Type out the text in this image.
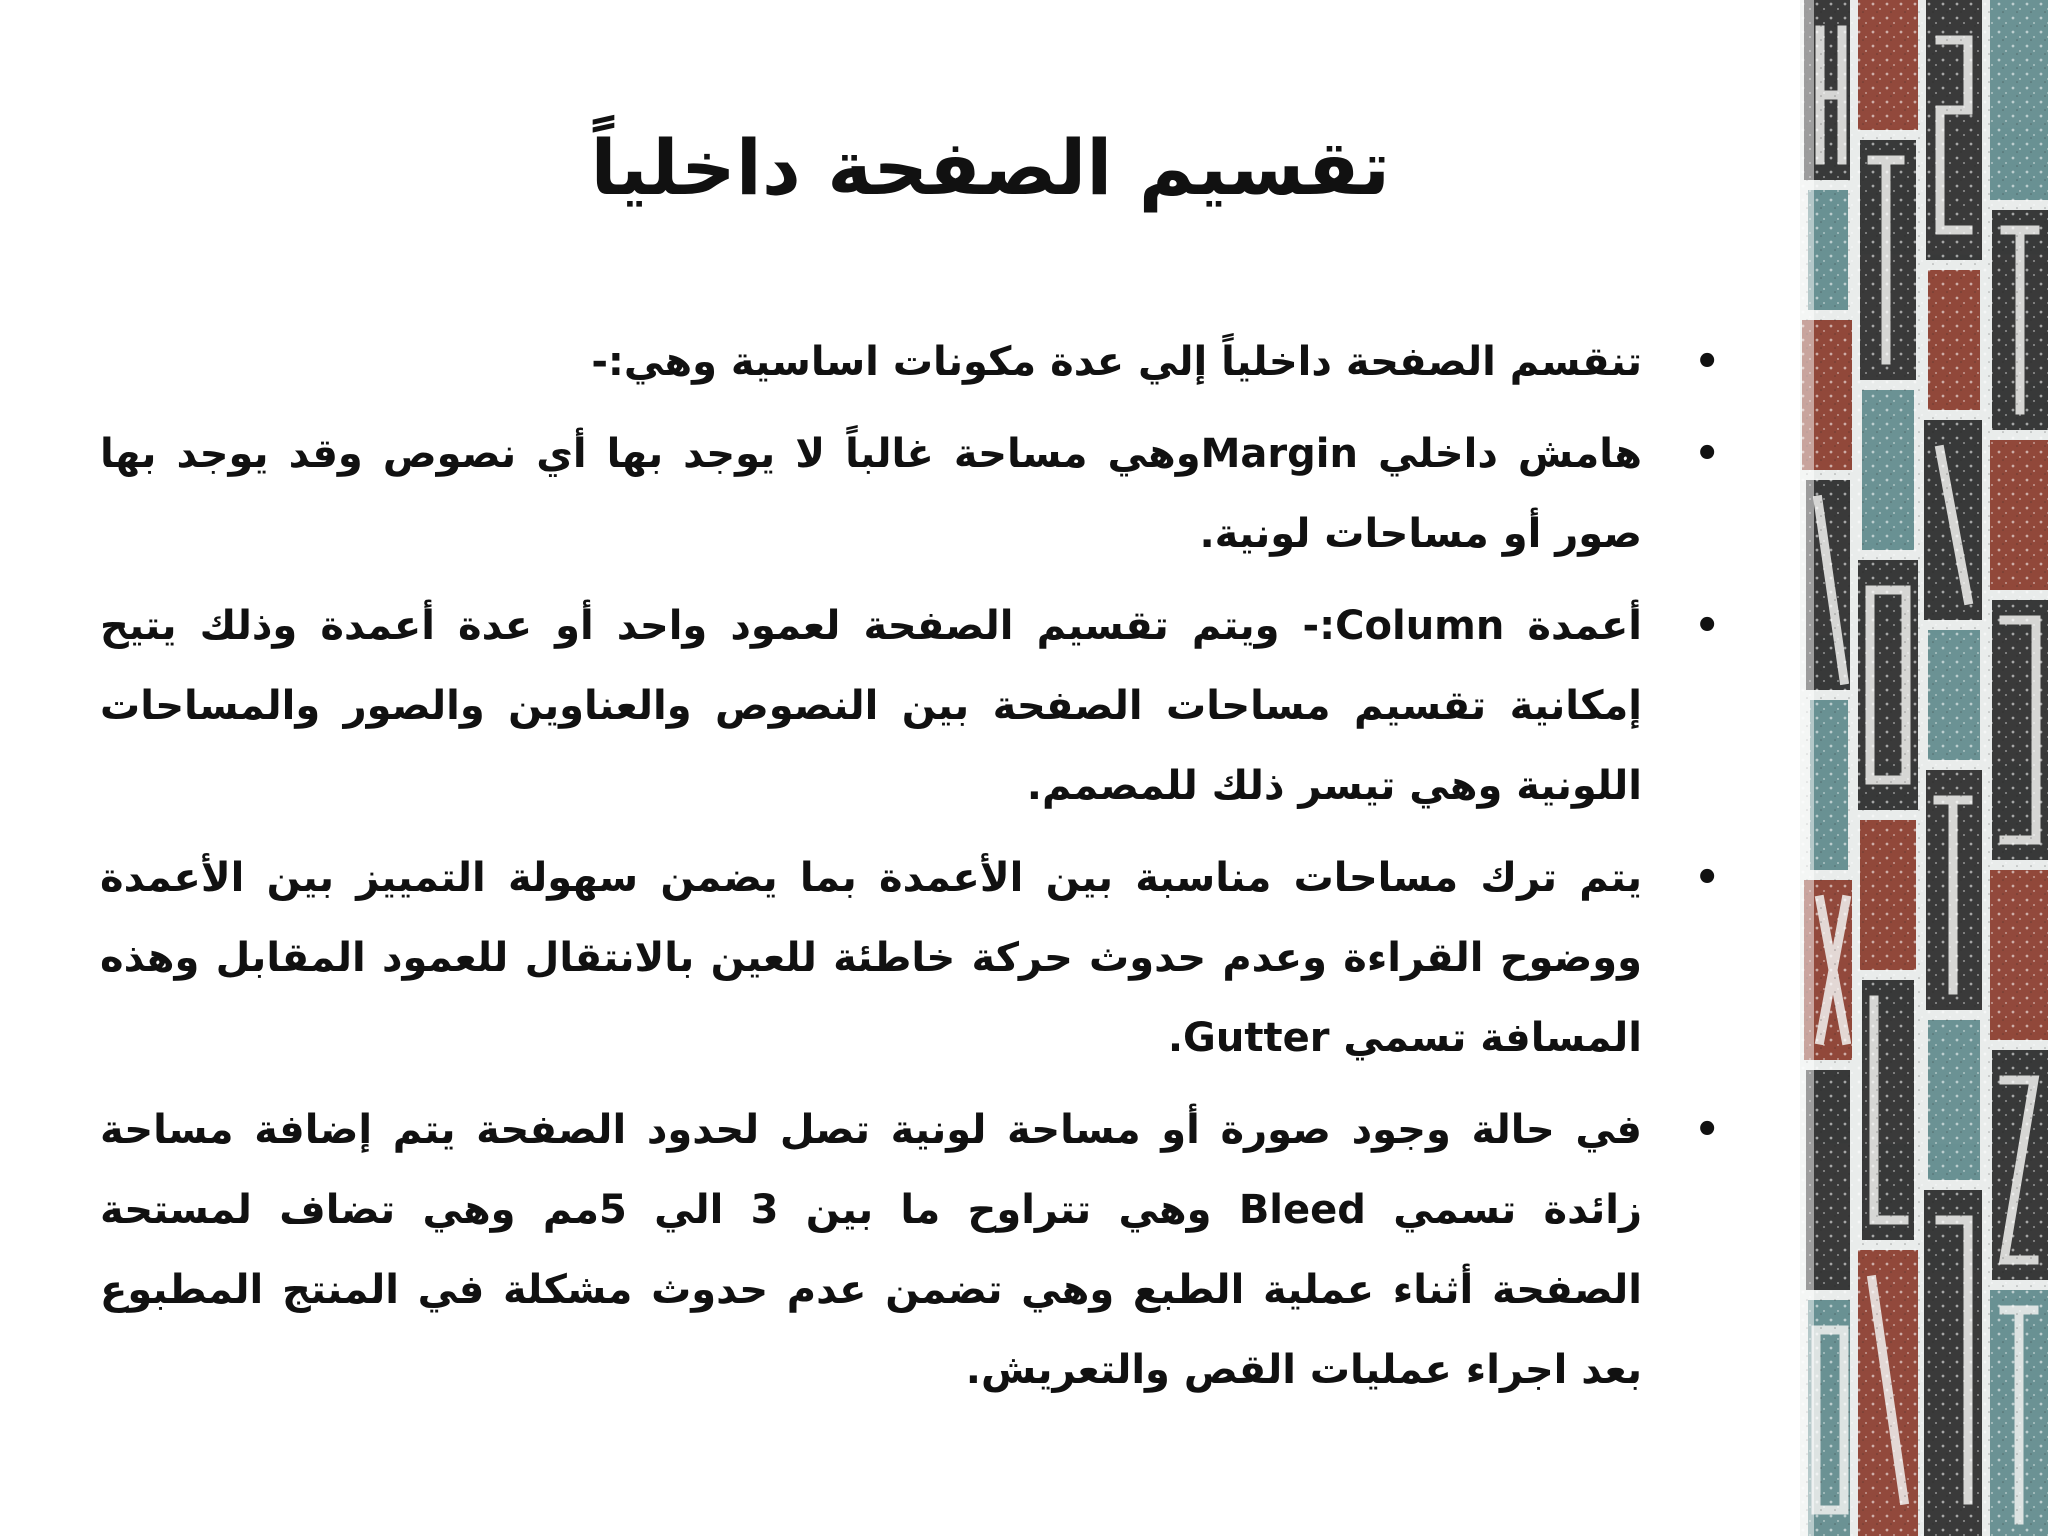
تقسيم الصفحة داخلياً
•
تنقسم الصفحة داخلياً إلي عدة مكونات اساسية وهي:-
•
هامش داخلي Marginوهي مساحة غالباً لا يوجد بها أي نصوص وقد يوجد بها صور أو مساحات لونية.
•
أعمدة Column:- ويتم تقسيم الصفحة لعمود واحد أو عدة أعمدة وذلك يتيح إمكانية تقسيم مساحات الصفحة بين النصوص والعناوين والصور والمساحات اللونية وهي تيسر ذلك للمصمم.
•
يتم ترك مساحات مناسبة بين الأعمدة بما يضمن سهولة التمييز بين الأعمدة ووضوح القراءة وعدم حدوث حركة خاطئة للعين بالانتقال للعمود المقابل وهذه المسافة تسمي Gutter.
•
في حالة وجود صورة أو مساحة لونية تصل لحدود الصفحة يتم إضافة مساحة زائدة تسمي Bleed وهي تتراوح ما بين 3 الي 5مم وهي تضاف لمستحة الصفحة أثناء عملية الطبع وهي تضمن عدم حدوث مشكلة في المنتج المطبوع بعد اجراء عمليات القص والتعريش.
